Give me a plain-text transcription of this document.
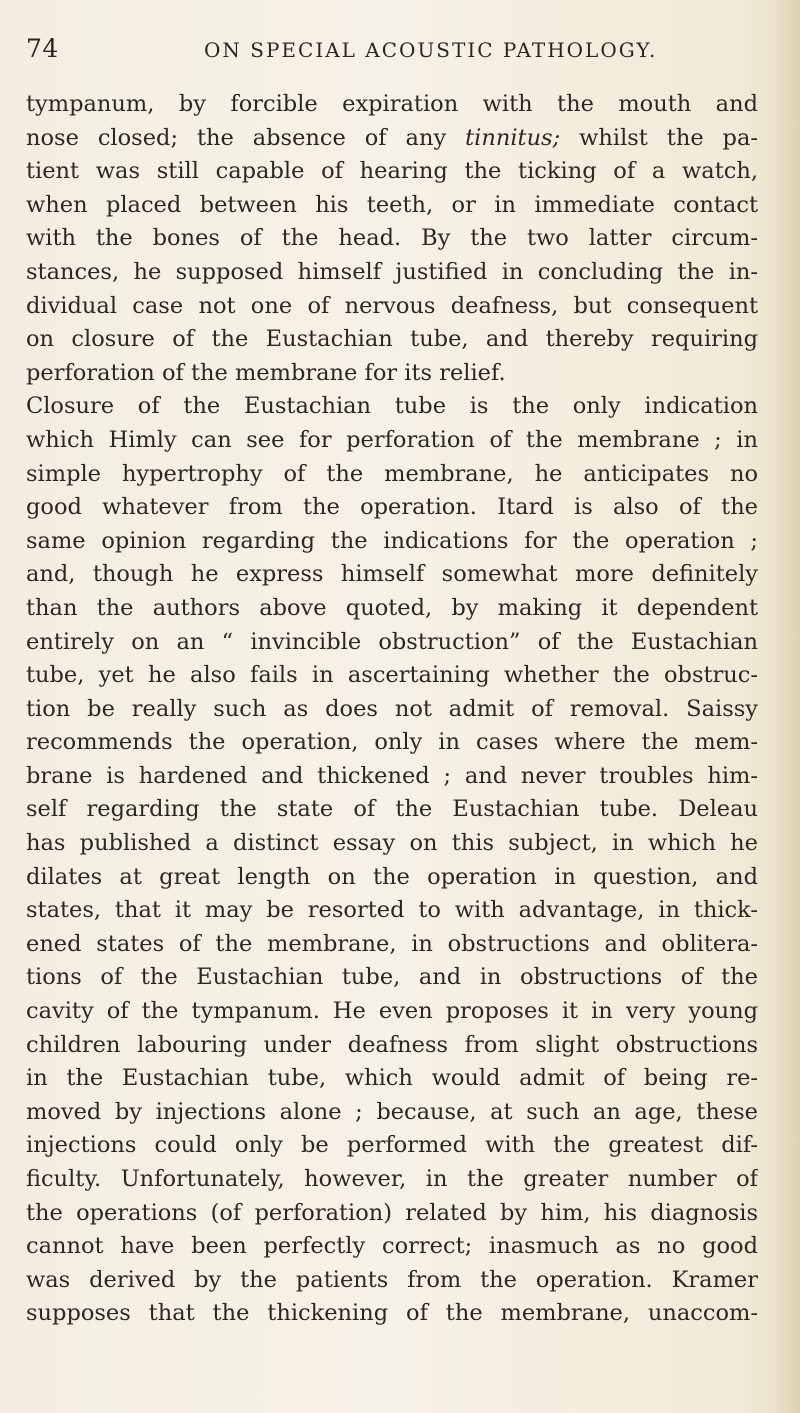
74	ON SPECIAL ACOUSTIC PATHOLOGY.
tympanum, by forcible expiration with the mouth and
nose closed; the absence of any tinnitus; whilst the pa-
tient was still capable of hearing the ticking of a watch,
when placed between his teeth, or in immediate contact
with the bones of the head. By the two latter circum-
stances, he supposed himself justified in concluding the in-
dividual case not one of nervous deafness, but consequent
on closure of the Eustachian tube, and thereby requiring
perforation of the membrane for its relief.
Closure of the Eustachian tube is the only indication
which Himly can see for perforation of the membrane ; in
simple hypertrophy of the membrane, he anticipates no
good whatever from the operation. Itard is also of the
same opinion regarding the indications for the operation ;
and, though he express himself somewhat more definitely
than the authors above quoted, by making it dependent
entirely on an “ invincible obstruction” of the Eustachian
tube, yet he also fails in ascertaining whether the obstruc-
tion be really such as does not admit of removal. Saissy
recommends the operation, only in cases where the mem-
brane is hardened and thickened ; and never troubles him-
self regarding the state of the Eustachian tube. Deleau
has published a distinct essay on this subject, in which he
dilates at great length on the operation in question, and
states, that it may be resorted to with advantage, in thick-
ened states of the membrane, in obstructions and oblitera-
tions of the Eustachian tube, and in obstructions of the
cavity of the tympanum. He even proposes it in very young
children labouring under deafness from slight obstructions
in the Eustachian tube, which would admit of being re-
moved by injections alone ; because, at such an age, these
injections could only be performed with the greatest dif-
ficulty. Unfortunately, however, in the greater number of
the operations (of perforation) related by him, his diagnosis
cannot have been perfectly correct; inasmuch as no good
was derived by the patients from the operation. Kramer
supposes that the thickening of the membrane, unaccom-
